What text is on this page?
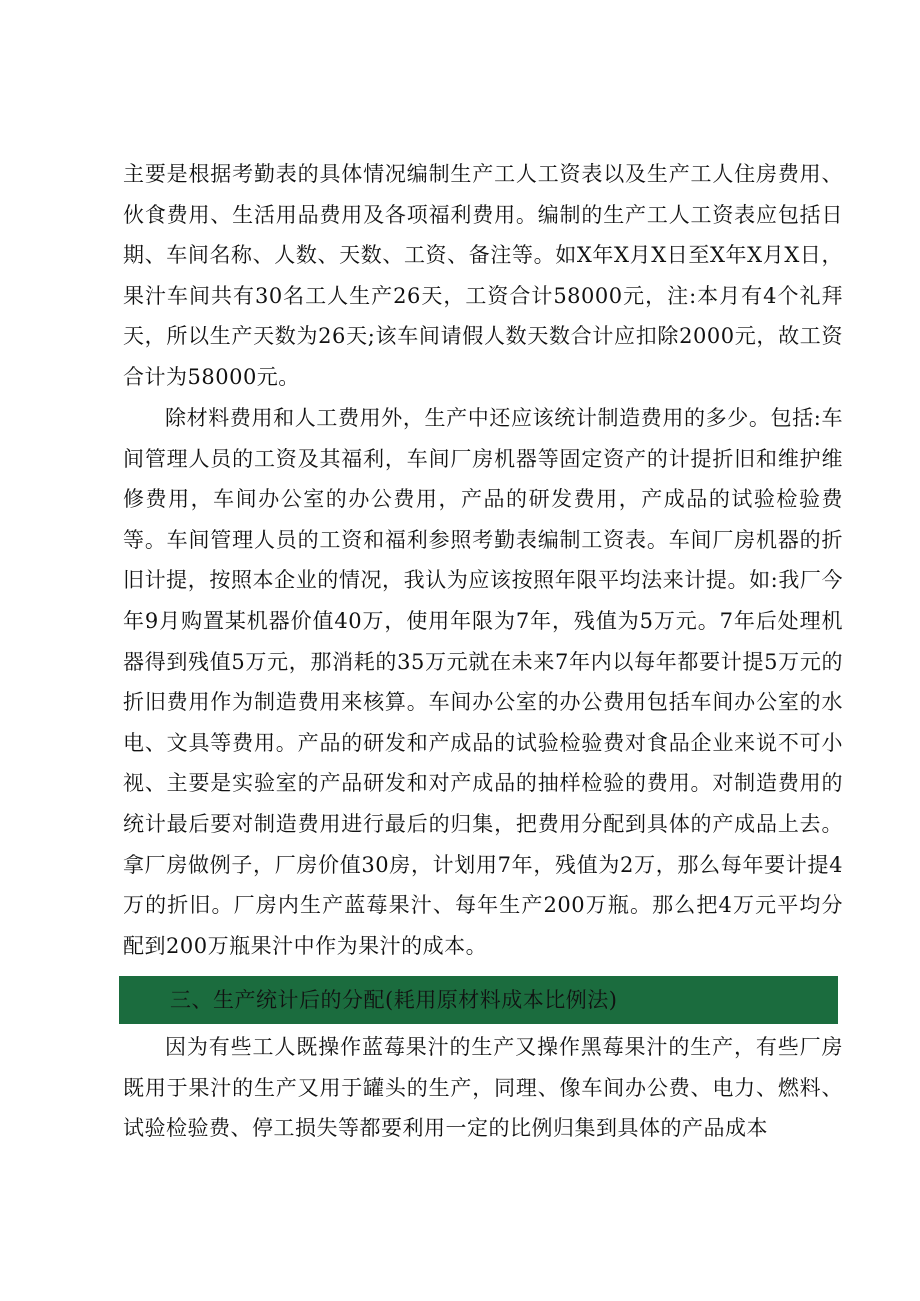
主要是根据考勤表的具体情况编制生产工人工资表以及生产工人住房费用、伙食费用、生活用品费用及各项福利费用。编制的生产工人工资表应包括日期、车间名称、人数、天数、工资、备注等。如X年X月X日至X年X月X日，果汁车间共有30名工人生产26天，工资合计58000元，注:本月有4个礼拜天，所以生产天数为26天;该车间请假人数天数合计应扣除2000元，故工资合计为58000元。

除材料费用和人工费用外，生产中还应该统计制造费用的多少。包括:车间管理人员的工资及其福利，车间厂房机器等固定资产的计提折旧和维护维修费用，车间办公室的办公费用，产品的研发费用，产成品的试验检验费等。车间管理人员的工资和福利参照考勤表编制工资表。车间厂房机器的折旧计提，按照本企业的情况，我认为应该按照年限平均法来计提。如:我厂今年9月购置某机器价值40万，使用年限为7年，残值为5万元。7年后处理机器得到残值5万元，那消耗的35万元就在未来7年内以每年都要计提5万元的折旧费用作为制造费用来核算。车间办公室的办公费用包括车间办公室的水电、文具等费用。产品的研发和产成品的试验检验费对食品企业来说不可小视、主要是实验室的产品研发和对产成品的抽样检验的费用。对制造费用的统计最后要对制造费用进行最后的归集，把费用分配到具体的产成品上去。拿厂房做例子，厂房价值30房，计划用7年，残值为2万，那么每年要计提4万的折旧。厂房内生产蓝莓果汁、每年生产200万瓶。那么把4万元平均分配到200万瓶果汁中作为果汁的成本。

三、生产统计后的分配(耗用原材料成本比例法)

因为有些工人既操作蓝莓果汁的生产又操作黑莓果汁的生产，有些厂房既用于果汁的生产又用于罐头的生产，同理、像车间办公费、电力、燃料、试验检验费、停工损失等都要利用一定的比例归集到具体的产品成本
